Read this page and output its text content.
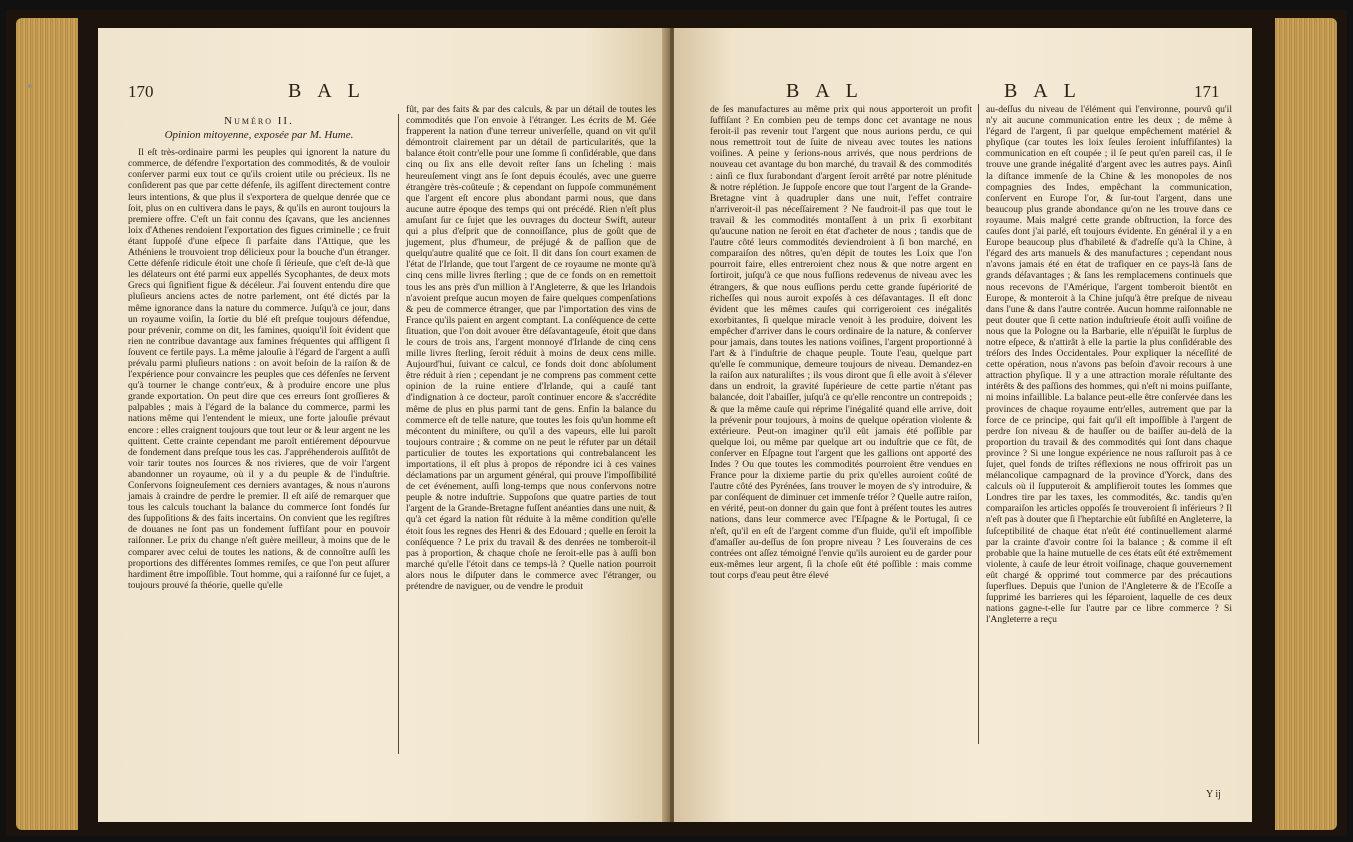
170	B A L
Numéro II.
Opinion mitoyenne, exposée par M. Hume.

Il eſt très-ordinaire parmi les peuples qui ignorent la nature du commerce, de défendre l'exportation des commodités, & de vouloir conſerver parmi eux tout ce qu'ils croient utile ou précieux. Ils ne conſiderent pas que par cette défenſe, ils agiſſent directement contre leurs intentions, & que plus il s'exportera de quelque denrée que ce ſoit, plus on en cultivera dans le pays, & qu'ils en auront toujours la premiere offre. C'eſt un fait connu des ſçavans, que les anciennes loix d'Athenes rendoient l'exportation des figues criminelle ; ce fruit étant ſuppoſé d'une eſpece ſi parfaite dans l'Attique, que les Athéniens le trouvoient trop délicieux pour la bouche d'un étranger. Cette défenſe ridicule étoit une choſe ſi ſérieuſe, que c'eſt de-là que les délateurs ont été parmi eux appellés Sycophantes, de deux mots Grecs qui ſignifient figue & décéleur. J'ai ſouvent entendu dire que pluſieurs anciens actes de notre parlement, ont été dictés par la même ignorance dans la nature du commerce. Juſqu'à ce jour, dans un royaume voiſin, la ſortie du blé eſt preſque toujours défendue, pour prévenir, comme on dit, les famines, quoiqu'il ſoit évident que rien ne contribue davantage aux famines fréquentes qui affligent ſi ſouvent ce fertile pays. La même jalouſie à l'égard de l'argent a auſſi prévalu parmi pluſieurs nations : on avoit beſoin de la raiſon & de l'expérience pour convaincre les peuples que ces défenſes ne ſervent qu'à tourner le change contr'eux, & à produire encore une plus grande exportation. On peut dire que ces erreurs ſont groſſieres & palpables ; mais à l'égard de la balance du commerce, parmi les nations même qui l'entendent le mieux, une forte jalouſie prévaut encore : elles craignent toujours que tout leur or & leur argent ne les quittent. Cette crainte cependant me paroît entiérement dépourvue de fondement dans preſque tous les cas. J'appréhenderois auſſitôt de voir tarir toutes nos ſources & nos rivieres, que de voir l'argent abandonner un royaume, où il y a du peuple & de l'induſtrie. Conſervons ſoigneuſement ces derniers avantages, & nous n'aurons jamais à craindre de perdre le premier. Il eſt aiſé de remarquer que tous les calculs touchant la balance du commerce ſont fondés ſur des ſuppoſitions & des faits incertains. On convient que les regiſtres de douanes ne ſont pas un fondement ſuffiſant pour en pouvoir raiſonner. Le prix du change n'eſt guère meilleur, à moins que de le comparer avec celui de toutes les nations, & de connoître auſſi les proportions des différentes ſommes remiſes, ce que l'on peut aſſurer hardiment être impoſſible. Tout homme, qui a raiſonné ſur ce ſujet, a toujours prouvé ſa théorie, quelle qu'elle

fût, par des faits & par des calculs, & par un détail de toutes les commodités que l'on envoie à l'étranger. Les écrits de M. Gée frapperent la nation d'une terreur univerſelle, quand on vit qu'il démontroit clairement par un détail de particularités, que la balance étoit contr'elle pour une ſomme ſi conſidérable, que dans cinq ou ſix ans elle devoit reſter ſans un ſcheling : mais heureuſement vingt ans ſe ſont depuis écoulés, avec une guerre étrangère très-coûteuſe ; & cependant on ſuppoſe communément que l'argent eſt encore plus abondant parmi nous, que dans aucune autre époque des temps qui ont précédé. Rien n'eſt plus amuſant ſur ce ſujet que les ouvrages du docteur Swift, auteur qui a plus d'eſprit que de connoiſſance, plus de goût que de jugement, plus d'humeur, de préjugé & de paſſion que de quelqu'autre qualité que ce ſoit. Il dit dans ſon court examen de l'état de l'Irlande, que tout l'argent de ce royaume ne monte qu'à cinq cens mille livres ſterling ; que de ce fonds on en remettoit tous les ans près d'un million à l'Angleterre, & que les Irlandois n'avoient preſque aucun moyen de faire quelques compenſations & peu de commerce étranger, que par l'importation des vins de France qu'ils paient en argent comptant. La conſéquence de cette ſituation, que l'on doit avouer être déſavantageuſe, étoit que dans le cours de trois ans, l'argent monnoyé d'Irlande de cinq cens mille livres ſterling, ſeroit réduit à moins de deux cens mille. Aujourd'hui, ſuivant ce calcul, ce fonds doit donc abſolument être réduit à rien ; cependant je ne comprens pas comment cette opinion de la ruine entiere d'Irlande, qui a cauſé tant d'indignation à ce docteur, paroît continuer encore & s'accrédite même de plus en plus parmi tant de gens. Enfin la balance du commerce eſt de telle nature, que toutes les fois qu'un homme eſt mécontent du miniſtere, ou qu'il a des vapeurs, elle lui paroît toujours contraire ; & comme on ne peut le réfuter par un détail particulier de toutes les exportations qui contrebalancent les importations, il eſt plus à propos de répondre ici à ces vaines déclamations par un argument général, qui prouve l'impoſſibilité de cet événement, auſſi long-temps que nous conſervons notre peuple & notre induſtrie. Suppoſons que quatre parties de tout l'argent de la Grande-Bretagne fuſſent anéanties dans une nuit, & qu'à cet égard la nation fût réduite à la même condition qu'elle étoit ſous les regnes des Henri & des Edouard ; quelle en ſeroit la conſéquence ? Le prix du travail & des denrées ne tomberoit-il pas à proportion, & chaque choſe ne ſeroit-elle pas à auſſi bon marché qu'elle l'étoit dans ce temps-là ? Quelle nation pourroit alors nous le diſputer dans le commerce avec l'étranger, ou prétendre de naviguer, ou de vendre le produit

B A L	B A L	171

de ſes manufactures au même prix qui nous apporteroit un profit ſuffiſant ? En combien peu de temps donc cet avantage ne nous feroit-il pas revenir tout l'argent que nous aurions perdu, ce qui nous remettroit tout de ſuite de niveau avec toutes les nations voiſines. A peine y ſerions-nous arrivés, que nous perdrions de nouveau cet avantage du bon marché, du travail & des commodités : ainſi ce flux ſurabondant d'argent ſeroit arrêté par notre plénitude & notre réplétion. Je ſuppoſe encore que tout l'argent de la Grande-Bretagne vint à quadrupler dans une nuit, l'effet contraire n'arriveroit-il pas néceſſairement ? Ne faudroit-il pas que tout le travail & les commodités montaſſent à un prix ſi exorbitant qu'aucune nation ne ſeroit en état d'acheter de nous ; tandis que de l'autre côté leurs commodités deviendroient à ſi bon marché, en comparaiſon des nôtres, qu'en dépit de toutes les Loix que l'on pourroit faire, elles entreroient chez nous & que notre argent en ſortiroit, juſqu'à ce que nous fuſſions redevenus de niveau avec les étrangers, & que nous euſſions perdu cette grande ſupériorité de richeſſes qui nous auroit expoſés à ces déſavantages. Il eſt donc évident que les mêmes cauſes qui corrigeroient ces inégalités exorbitantes, ſi quelque miracle venoit à les produire, doivent les empêcher d'arriver dans le cours ordinaire de la nature, & conſerver pour jamais, dans toutes les nations voiſines, l'argent proportionné à l'art & à l'induſtrie de chaque peuple. Toute l'eau, quelque part qu'elle ſe communique, demeure toujours de niveau. Demandez-en la raiſon aux naturaliſtes ; ils vous diront que ſi elle avoit à s'élever dans un endroit, la gravité ſupérieure de cette partie n'étant pas balancée, doit l'abaiſſer, juſqu'à ce qu'elle rencontre un contrepoids ; & que la même cauſe qui réprime l'inégalité quand elle arrive, doit la prévenir pour toujours, à moins de quelque opération violente & extérieure. Peut-on imaginer qu'il eût jamais été poſſible par quelque loi, ou même par quelque art ou induſtrie que ce fût, de conſerver en Eſpagne tout l'argent que les gallions ont apporté des Indes ? Ou que toutes les commodités pourroient être vendues en France pour la dixieme partie du prix qu'elles auroient coûté de l'autre côté des Pyrénées, ſans trouver le moyen de s'y introduire, & par conſéquent de diminuer cet immenſe tréſor ? Quelle autre raiſon, en vérité, peut-on donner du gain que font à préſent toutes les autres nations, dans leur commerce avec l'Eſpagne & le Portugal, ſi ce n'eſt, qu'il en eſt de l'argent comme d'un fluide, qu'il eſt impoſſible d'amaſſer au-deſſus de ſon propre niveau ? Les ſouverains de ces contrées ont aſſez témoigné l'envie qu'ils auroient eu de garder pour eux-mêmes leur argent, ſi la choſe eût été poſſible : mais comme tout corps d'eau peut être élevé

au-deſſus du niveau de l'élément qui l'environne, pourvû qu'il n'y ait aucune communication entre les deux ; de même à l'égard de l'argent, ſi par quelque empêchement matériel & phyſique (car toutes les loix ſeules ſeroient inſuffiſantes) la communication en eſt coupée ; il ſe peut qu'en pareil cas, il ſe trouve une grande inégalité d'argent avec les autres pays. Ainſi la diſtance immenſe de la Chine & les monopoles de nos compagnies des Indes, empêchant la communication, conſervent en Europe l'or, & ſur-tout l'argent, dans une beaucoup plus grande abondance qu'on ne les trouve dans ce royaume. Mais malgré cette grande obſtruction, la force des cauſes dont j'ai parlé, eſt toujours évidente. En général il y a en Europe beaucoup plus d'habileté & d'adreſſe qu'à la Chine, à l'égard des arts manuels & des manufactures ; cependant nous n'avons jamais été en état de trafiquer en ce pays-là ſans de grands déſavantages ; & ſans les remplacemens continuels que nous recevons de l'Amérique, l'argent tomberoit bientôt en Europe, & monteroit à la Chine juſqu'à être preſque de niveau dans l'une & dans l'autre contrée. Aucun homme raiſonnable ne peut douter que ſi cette nation induſtrieuſe étoit auſſi voiſine de nous que la Pologne ou la Barbarie, elle n'épuiſât le ſurplus de notre eſpece, & n'attirât à elle la partie la plus conſidérable des tréſors des Indes Occidentales. Pour expliquer la néceſſité de cette opération, nous n'avons pas beſoin d'avoir recours à une attraction phyſique. Il y a une attraction morale réſultante des intérêts & des paſſions des hommes, qui n'eſt ni moins puiſſante, ni moins infaillible. La balance peut-elle être conſervée dans les provinces de chaque royaume entr'elles, autrement que par la force de ce principe, qui fait qu'il eſt impoſſible à l'argent de perdre ſon niveau & de hauſſer ou de baiſſer au-delà de la proportion du travail & des commodités qui ſont dans chaque province ? Si une longue expérience ne nous raſſuroit pas à ce ſujet, quel fonds de triſtes réflexions ne nous offriroit pas un mélancolique campagnard de la province d'Yorck, dans des calculs où il ſupputeroit & amplifieroit toutes les ſommes que Londres tire par les taxes, les commodités, &c. tandis qu'en comparaiſon les articles oppoſés ſe trouveroient ſi inférieurs ? Il n'eſt pas à douter que ſi l'heptarchie eût ſubſiſté en Angleterre, la ſuſceptibilité de chaque état n'eût été continuellement alarmé par la crainte d'avoir contre ſoi la balance ; & comme il eſt probable que la haine mutuelle de ces états eût été extrêmement violente, à cauſe de leur étroit voiſinage, chaque gouvernement eût chargé & opprimé tout commerce par des précautions ſuperflues. Depuis que l'union de l'Angleterre & de l'Ecoſſe a ſupprimé les barrieres qui les ſéparoient, laquelle de ces deux nations gagne-t-elle ſur l'autre par ce libre commerce ? Si l'Angleterre a reçu

Y ij
